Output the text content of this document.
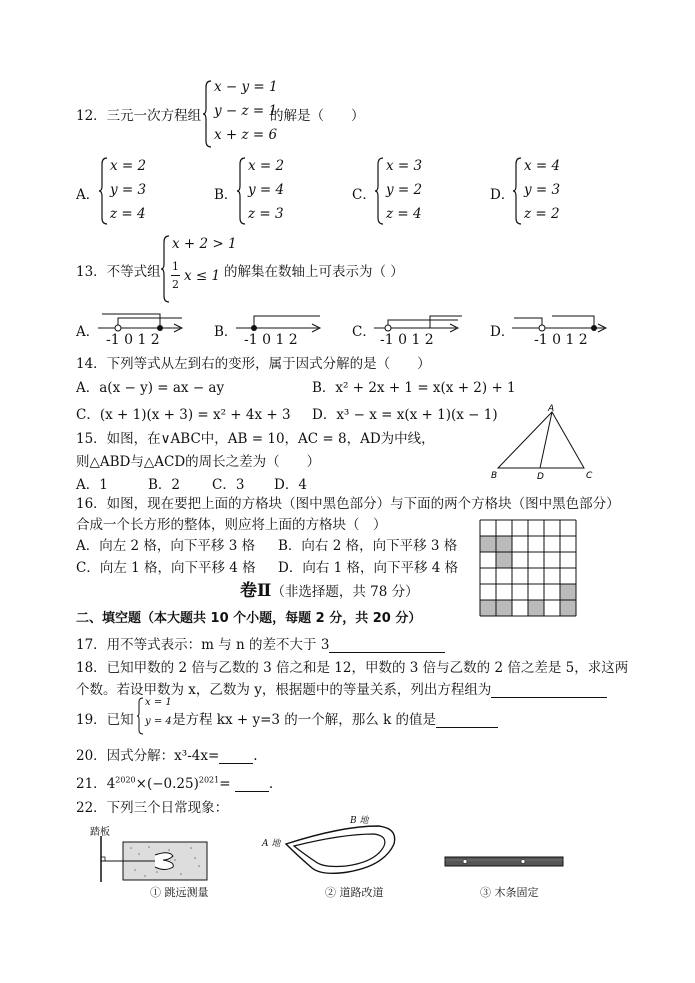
12．三元一次方程组
x − y = 1
y − z = 1
x + z = 6
的解是（　　）
A．
x = 2
y = 3
z = 4
B．
x = 2
y = 4
z = 3
C．
x = 3
y = 2
z = 4
D．
x = 4
y = 3
z = 2
13．不等式组
x + 2 > 1
1
2
x ≤ 1 的解集在数轴上可表示为（ ）
A． -1 0 1 2	B． -1 0 1 2	C． -1 0 1 2	D． -1 0 1 2
14．下列等式从左到右的变形，属于因式分解的是（　　）
A．a(x − y) = ax − ay	B．x² + 2x + 1 = x(x + 2) + 1
C．(x + 1)(x + 3) = x² + 4x + 3 D．x³ − x = x(x + 1)(x − 1)
15．如图，在∨ABC中，AB = 10，AC = 8，AD为中线，
则△ABD与△ACD的周长之差为（　　）
A．1	B．2 C．3 D．4
A
B	D	C
16．如图，现在要把上面的方格块（图中黑色部分）与下面的两个方格块（图中黑色部分）
合成一个长方形的整体，则应将上面的方格块（　）
A．向左 2 格，向下平移 3 格 B．向右 2 格，向下平移 3 格
C．向左 1 格，向下平移 4 格 D．向右 1 格，向下平移 4 格
卷Ⅱ（非选择题，共 78 分）
二、填空题（本大题共 10 个小题，每题 2 分，共 20 分）
17．用不等式表示：m 与 n 的差不大于 3
18．已知甲数的 2 倍与乙数的 3 倍之和是 12，甲数的 3 倍与乙数的 2 倍之差是 5，求这两
个数。若设甲数为 x，乙数为 y，根据题中的等量关系，列出方程组为
19．已知
x = 1
y = 4 是方程 kx + y=3 的一个解，那么 k 的值是
20．因式分解：x³-4x=	.
21．$4^{2020}\times(-0.25)^{2021}=$	.
22．下列三个日常现象：
踏板
① 跳远测量
A 地
B 地
② 道路改道	③ 木条固定
